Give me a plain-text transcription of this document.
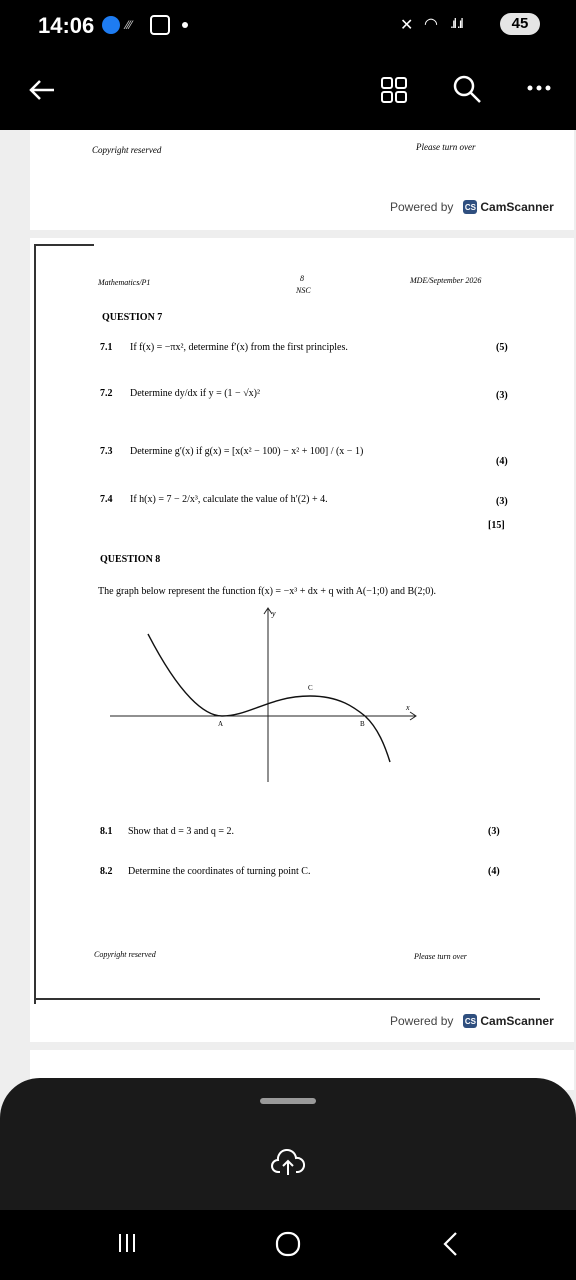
14:06	⁄⁄⁄	✕ ◠ .ıl .ıl	45
Copyright reserved	Please turn over
Powered by CS CamScanner
Mathematics/P1	8
NSC
MDE/September 2026
QUESTION 7
7.1 If f(x) = −πx², determine f′(x) from the first principles.	(5)
7.2 Determine dy/dx if y = (1 − √x)²	(3)
7.3 Determine g′(x) if g(x) = [x(x² − 100) − x² + 100] / (x − 1)
(4)
7.4 If h(x) = 7 − 2/x³, calculate the value of h′(2) + 4.	(3)
[15]
QUESTION 8
The graph below represent the function f(x) = −x³ + dx + q with A(−1;0) and B(2;0).
y
x
A	B
C
8.1 Show that d = 3 and q = 2.	(3)
8.2 Determine the coordinates of turning point C.	(4)
Copyright reserved	Please turn over
Powered by CS CamScanner
